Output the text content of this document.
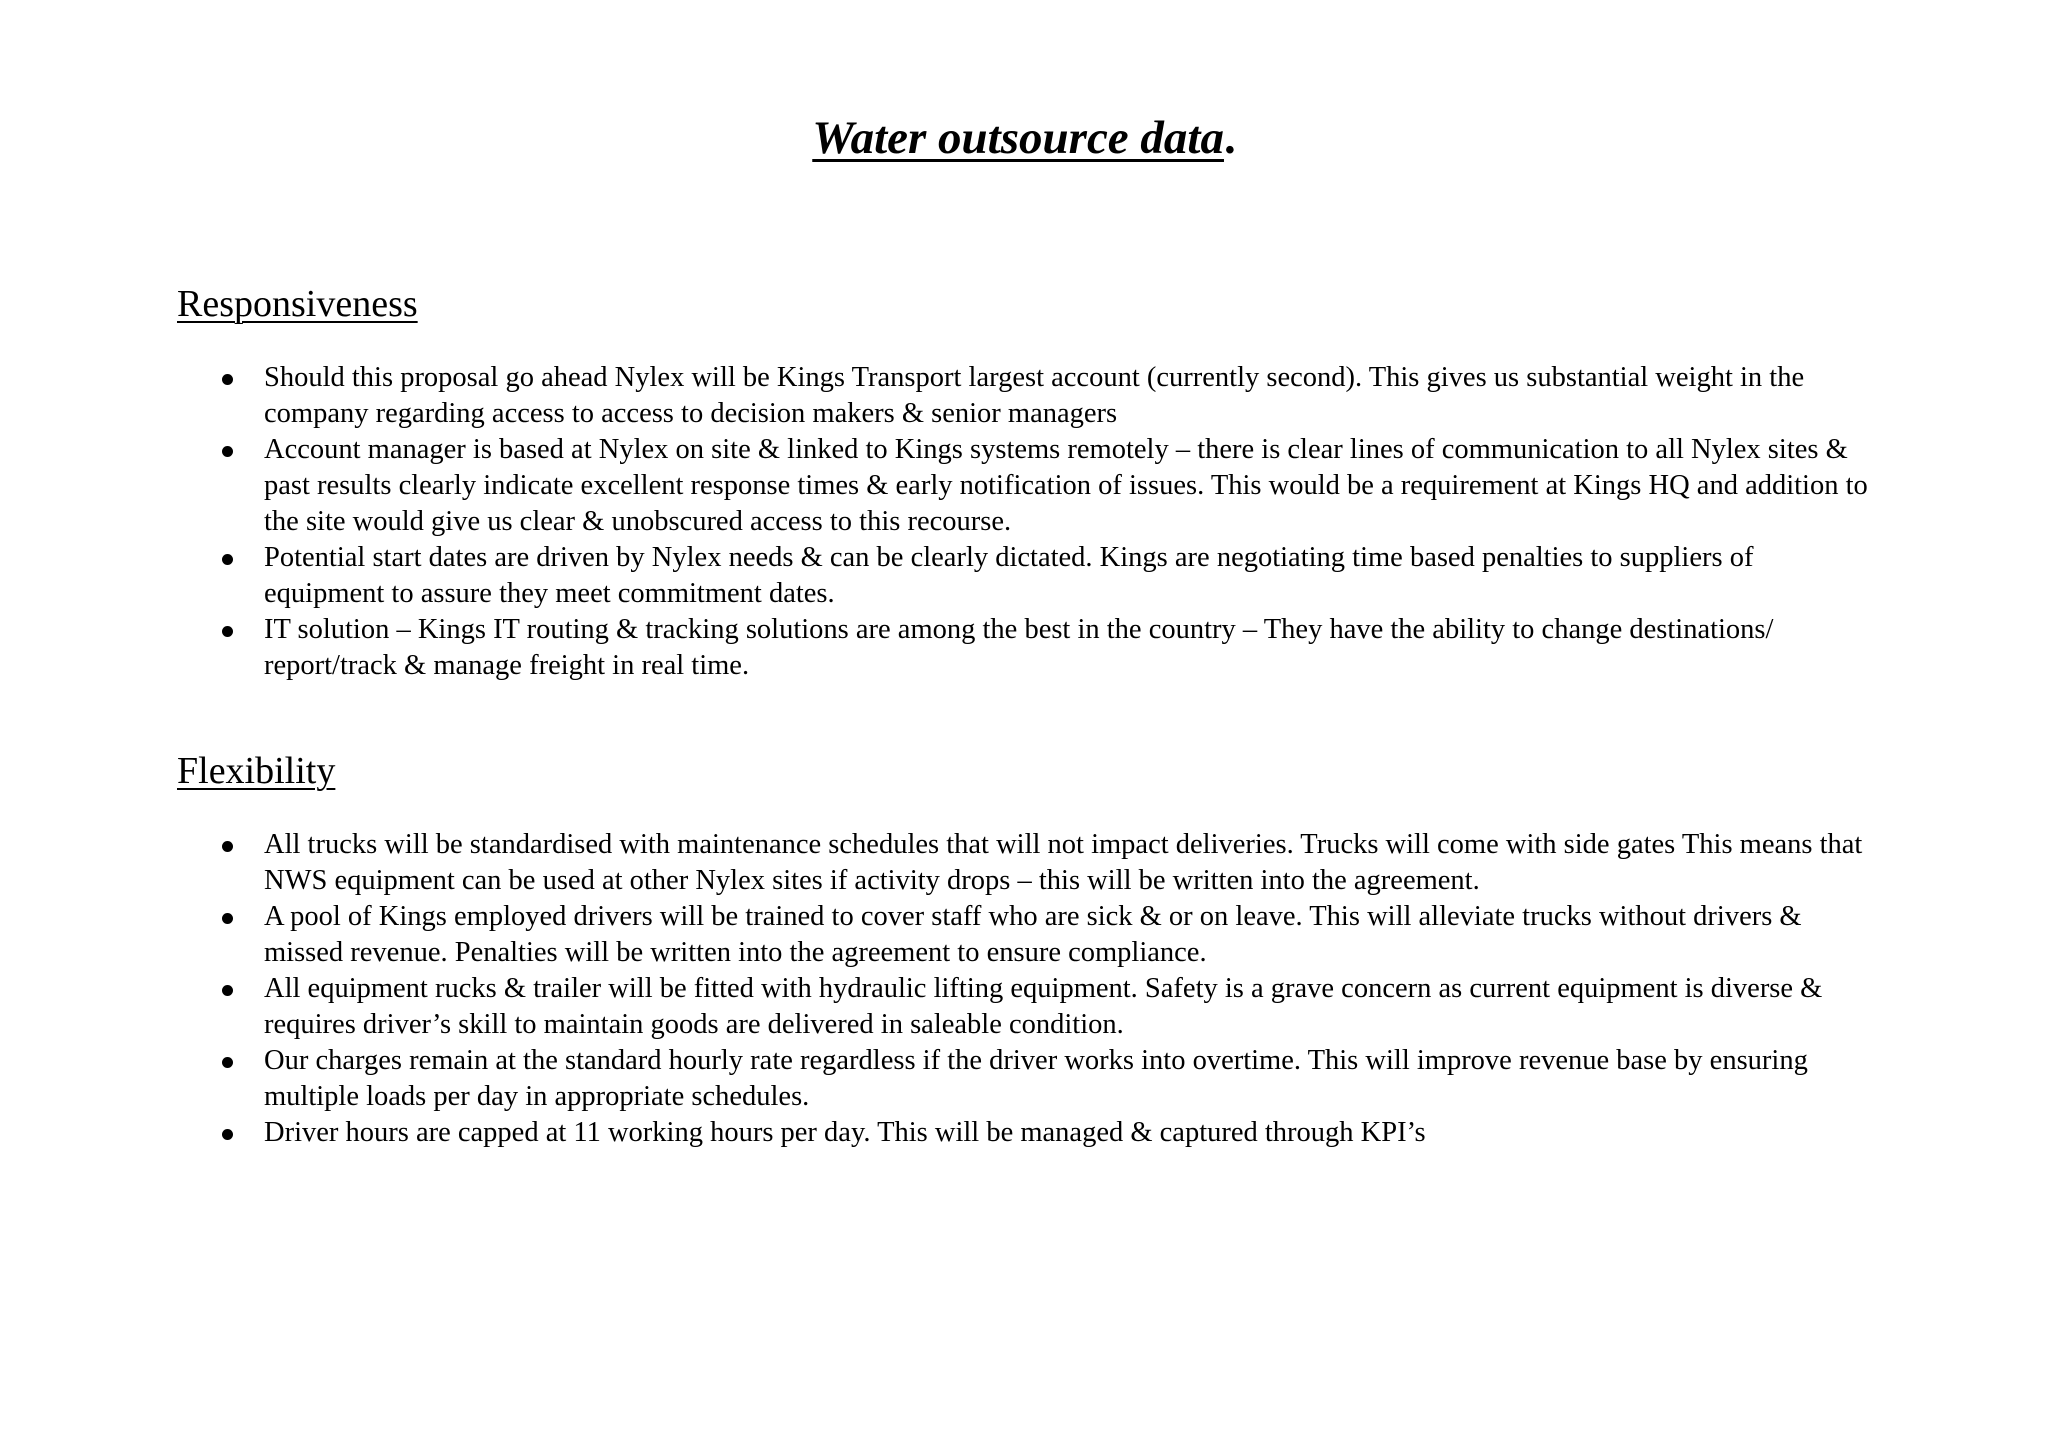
Water outsource data.
Responsiveness
Should this proposal go ahead Nylex will be Kings Transport largest account (currently second). This gives us substantial weight in the company regarding access to access to decision makers & senior managers
Account manager is based at Nylex on site & linked to Kings systems remotely – there is clear lines of communication to all Nylex sites & past results clearly indicate excellent response times & early notification of issues. This would be a requirement at Kings HQ and addition to the site would give us clear & unobscured access to this recourse.
Potential start dates are driven by Nylex needs & can be clearly dictated. Kings are negotiating time based penalties to suppliers of equipment to assure they meet commitment dates.
IT solution – Kings IT routing & tracking solutions are among the best in the country – They have the ability to change destinations/ report/track & manage freight in real time.
Flexibility
All trucks will be standardised with maintenance schedules that will not impact deliveries. Trucks will come with side gates This means that NWS equipment can be used at other Nylex sites if activity drops – this will be written into the agreement.
A pool of Kings employed drivers will be trained to cover staff who are sick & or on leave. This will alleviate trucks without drivers & missed revenue. Penalties will be written into the agreement to ensure compliance.
All equipment rucks & trailer will be fitted with hydraulic lifting equipment. Safety is a grave concern as current equipment is diverse & requires driver’s skill to maintain goods are delivered in saleable condition.
Our charges remain at the standard hourly rate regardless if the driver works into overtime. This will improve revenue base by ensuring multiple loads per day in appropriate schedules.
Driver hours are capped at 11 working hours per day. This will be managed & captured through KPI’s
